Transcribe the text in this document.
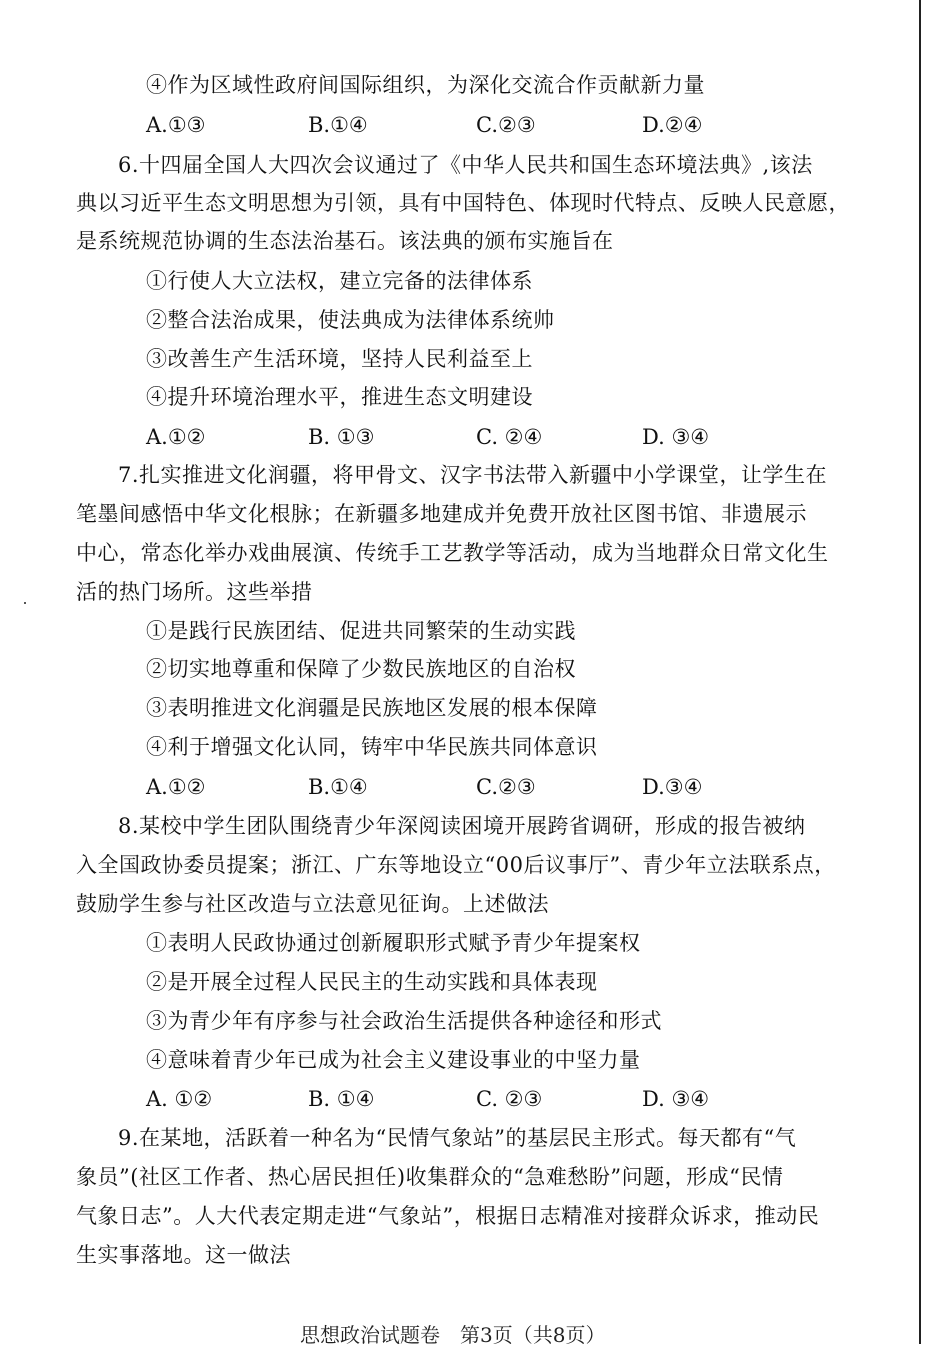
④作为区域性政府间国际组织，为深化交流合作贡献新力量
A.①③	B.①④	C.②③	D.②④
6.十四届全国人大四次会议通过了《中华人民共和国生态环境法典》,该法
典以习近平生态文明思想为引领，具有中国特色、体现时代特点、反映人民意愿，
是系统规范协调的生态法治基石。该法典的颁布实施旨在
①行使人大立法权，建立完备的法律体系
②整合法治成果，使法典成为法律体系统帅
③改善生产生活环境，坚持人民利益至上
④提升环境治理水平，推进生态文明建设
A.①②	B. ①③	C. ②④	D. ③④
7.扎实推进文化润疆，将甲骨文、汉字书法带入新疆中小学课堂，让学生在
笔墨间感悟中华文化根脉；在新疆多地建成并免费开放社区图书馆、非遗展示
中心，常态化举办戏曲展演、传统手工艺教学等活动，成为当地群众日常文化生
活的热门场所。这些举措
①是践行民族团结、促进共同繁荣的生动实践
②切实地尊重和保障了少数民族地区的自治权
③表明推进文化润疆是民族地区发展的根本保障
④利于增强文化认同，铸牢中华民族共同体意识
A.①②	B.①④	C.②③	D.③④
8.某校中学生团队围绕青少年深阅读困境开展跨省调研，形成的报告被纳
入全国政协委员提案；浙江、广东等地设立“00后议事厅”、青少年立法联系点，
鼓励学生参与社区改造与立法意见征询。上述做法
①表明人民政协通过创新履职形式赋予青少年提案权
②是开展全过程人民民主的生动实践和具体表现
③为青少年有序参与社会政治生活提供各种途径和形式
④意味着青少年已成为社会主义建设事业的中坚力量
A. ①②	B. ①④	C. ②③	D. ③④
9.在某地，活跃着一种名为“民情气象站”的基层民主形式。每天都有“气
象员”(社区工作者、热心居民担任)收集群众的“急难愁盼”问题，形成“民情
气象日志”。人大代表定期走进“气象站”，根据日志精准对接群众诉求，推动民
生实事落地。这一做法
思想政治试题卷　第3页（共8页）
